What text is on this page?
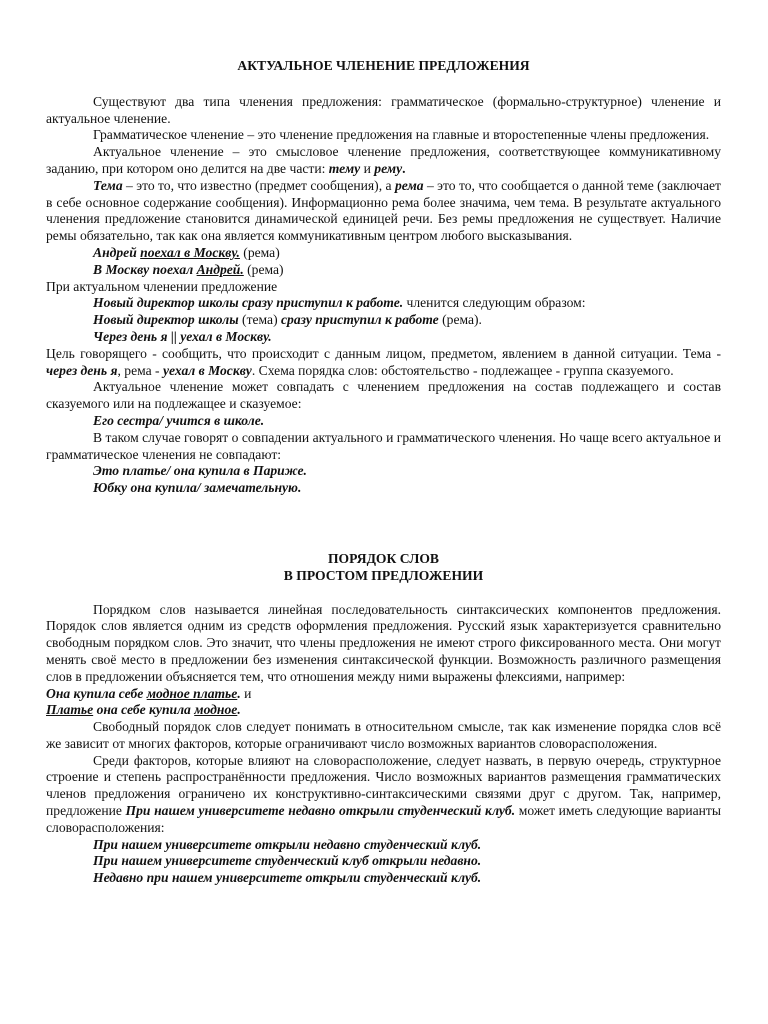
АКТУАЛЬНОЕ ЧЛЕНЕНИЕ ПРЕДЛОЖЕНИЯ

Существуют два типа членения предложения: грамматическое (формально-структурное) членение и актуальное членение.

Грамматическое членение – это членение предложения на главные и второстепенные члены предложения.

Актуальное членение – это смысловое членение предложения, соответствующее коммуникативному заданию, при котором оно делится на две части: тему и рему.

Тема – это то, что известно (предмет сообщения), а рема – это то, что сообщается о данной теме (заключает в себе основное содержание сообщения). Информационно рема более значима, чем тема. В результате актуального членения предложение становится динамической единицей речи. Без ремы предложения не существует. Наличие ремы обязательно, так как она является коммуникативным центром любого высказывания.

Андрей поехал в Москву. (рема)

В Москву поехал Андрей. (рема)

При актуальном членении предложение

Новый директор школы сразу приступил к работе. членится следующим образом:

Новый директор школы (тема) сразу приступил к работе (рема).

Через день я || уехал в Москву.

Цель говорящего - сообщить, что происходит с данным лицом, предметом, явлением в данной ситуации. Тема - через день я, рема - уехал в Москву. Схема порядка слов: обстоятельство - подлежащее - группа сказуемого.

Актуальное членение может совпадать с членением предложения на состав подлежащего и состав сказуемого или на подлежащее и сказуемое:

Его сестра/ учится в школе.

В таком случае говорят о совпадении актуального и грамматического членения. Но чаще всего актуальное и грамматическое членения не совпадают:

Это платье/ она купила в Париже.

Юбку она купила/ замечательную.

ПОРЯДОК СЛОВ
В ПРОСТОМ ПРЕДЛОЖЕНИИ

Порядком слов называется линейная последовательность синтаксических компонентов предложения. Порядок слов является одним из средств оформления предложения. Русский язык характеризуется сравнительно свободным порядком слов. Это значит, что члены предложения не имеют строго фиксированного места. Они могут менять своё место в предложении без изменения синтаксической функции. Возможность различного размещения слов в предложении объясняется тем, что отношения между ними выражены флексиями, например:

Она купила себе модное платье. и

Платье она себе купила модное.

Свободный порядок слов следует понимать в относительном смысле, так как изменение порядка слов всё же зависит от многих факторов, которые ограничивают число возможных вариантов словорасположения.

Среди факторов, которые влияют на словорасположение, следует назвать, в первую очередь, структурное строение и степень распространённости предложения. Число возможных вариантов размещения грамматических членов предложения ограничено их конструктивно-синтаксическими связями друг с другом. Так, например, предложение При нашем университете недавно открыли студенческий клуб. может иметь следующие варианты словорасположения:

При нашем университете открыли недавно студенческий клуб.

При нашем университете студенческий клуб открыли недавно.

Недавно при нашем университете открыли студенческий клуб.
